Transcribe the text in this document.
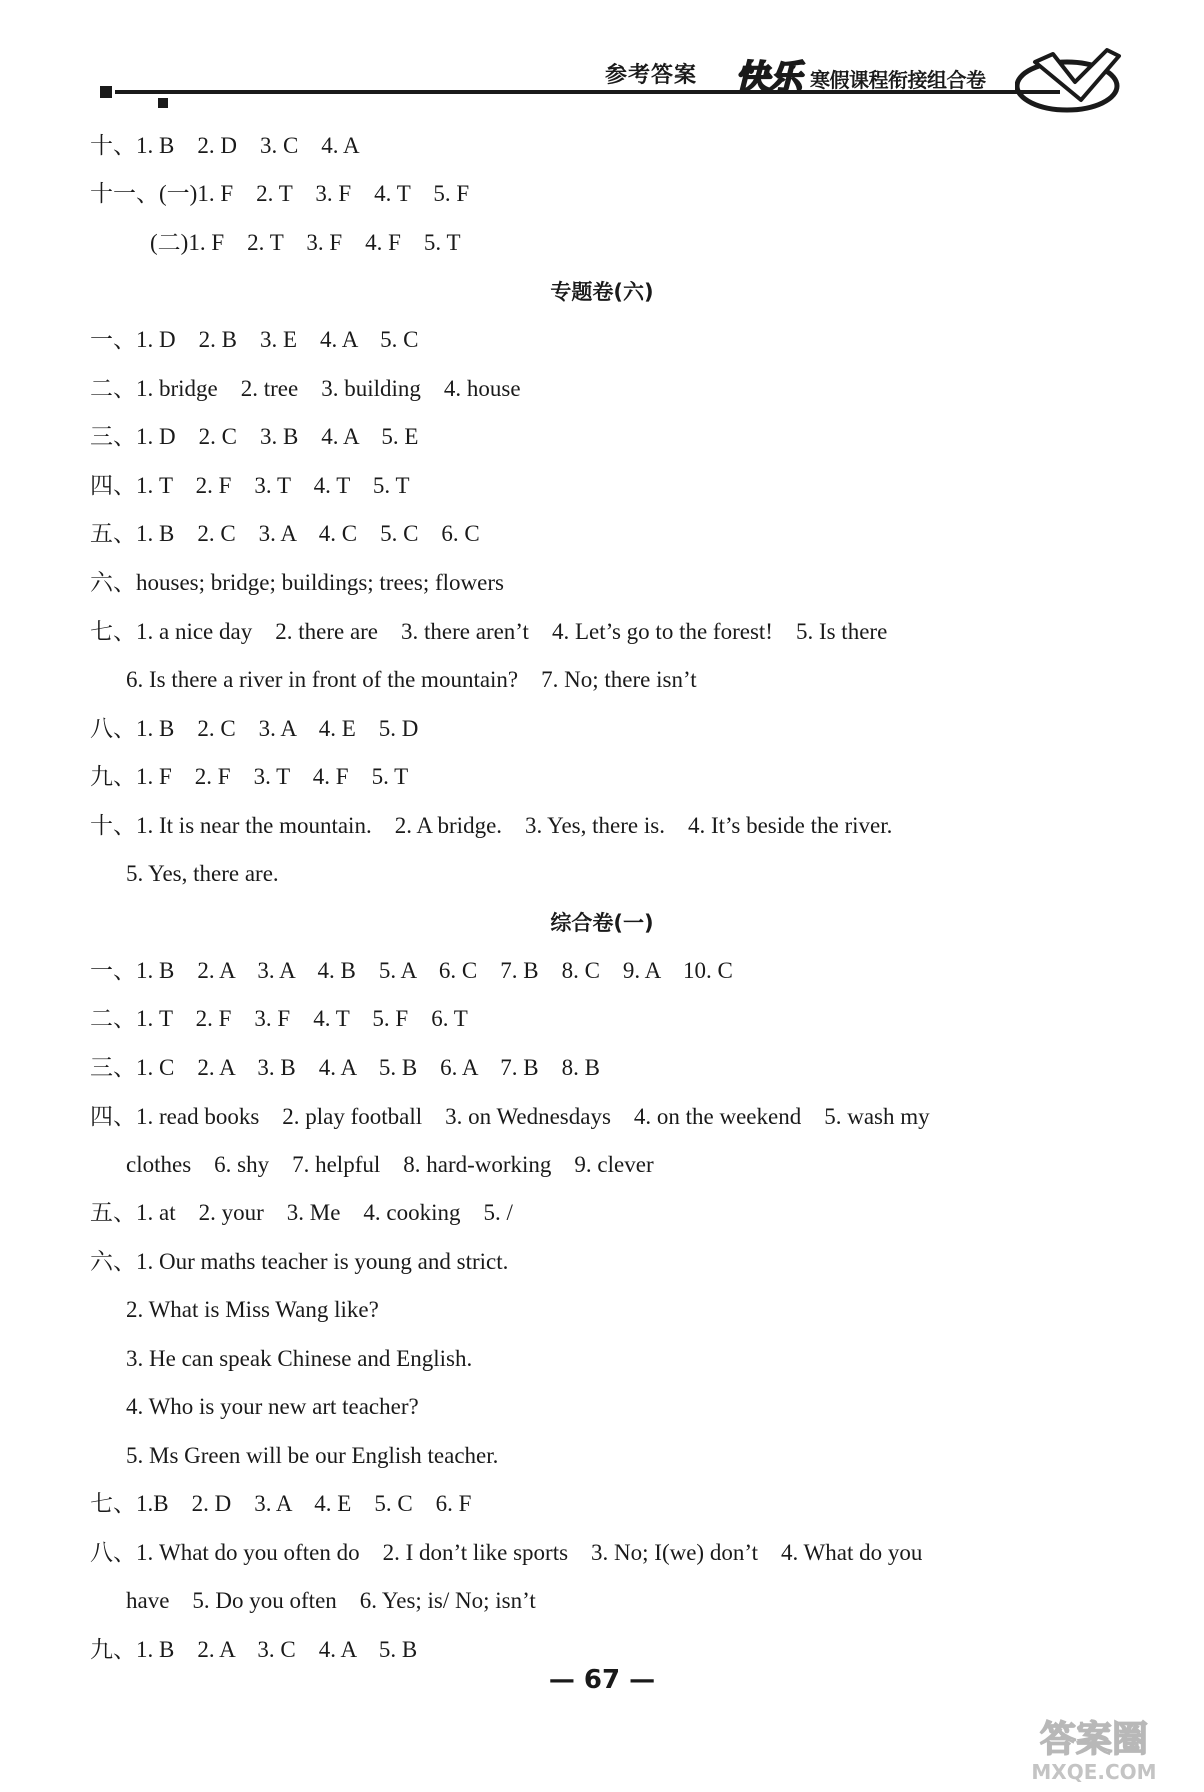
参考答案 快乐 寒假课程衔接组合卷
十、1. B　2. D　3. C　4. A
十一、(一)1. F　2. T　3. F　4. T　5. F
(二)1. F　2. T　3. F　4. F　5. T
专题卷(六)
一、1. D　2. B　3. E　4. A　5. C
二、1. bridge　2. tree　3. building　4. house
三、1. D　2. C　3. B　4. A　5. E
四、1. T　2. F　3. T　4. T　5. T
五、1. B　2. C　3. A　4. C　5. C　6. C
六、houses; bridge; buildings; trees; flowers
七、1. a nice day　2. there are　3. there aren’t　4. Let’s go to the forest!　5. Is there
6. Is there a river in front of the mountain?　7. No; there isn’t
八、1. B　2. C　3. A　4. E　5. D
九、1. F　2. F　3. T　4. F　5. T
十、1. It is near the mountain.　2. A bridge.　3. Yes, there is.　4. It’s beside the river.
5. Yes, there are.
综合卷(一)
一、1. B　2. A　3. A　4. B　5. A　6. C　7. B　8. C　9. A　10. C
二、1. T　2. F　3. F　4. T　5. F　6. T
三、1. C　2. A　3. B　4. A　5. B　6. A　7. B　8. B
四、1. read books　2. play football　3. on Wednesdays　4. on the weekend　5. wash my
clothes　6. shy　7. helpful　8. hard-working　9. clever
五、1. at　2. your　3. Me　4. cooking　5. /
六、1. Our maths teacher is young and strict.
2. What is Miss Wang like?
3. He can speak Chinese and English.
4. Who is your new art teacher?
5. Ms Green will be our English teacher.
七、1.B　2. D　3. A　4. E　5. C　6. F
八、1. What do you often do　2. I don’t like sports　3. No; I(we) don’t　4. What do you
have　5. Do you often　6. Yes; is/ No; isn’t
九、1. B　2. A　3. C　4. A　5. B
— 67 —
答案圈
MXQE.COM
